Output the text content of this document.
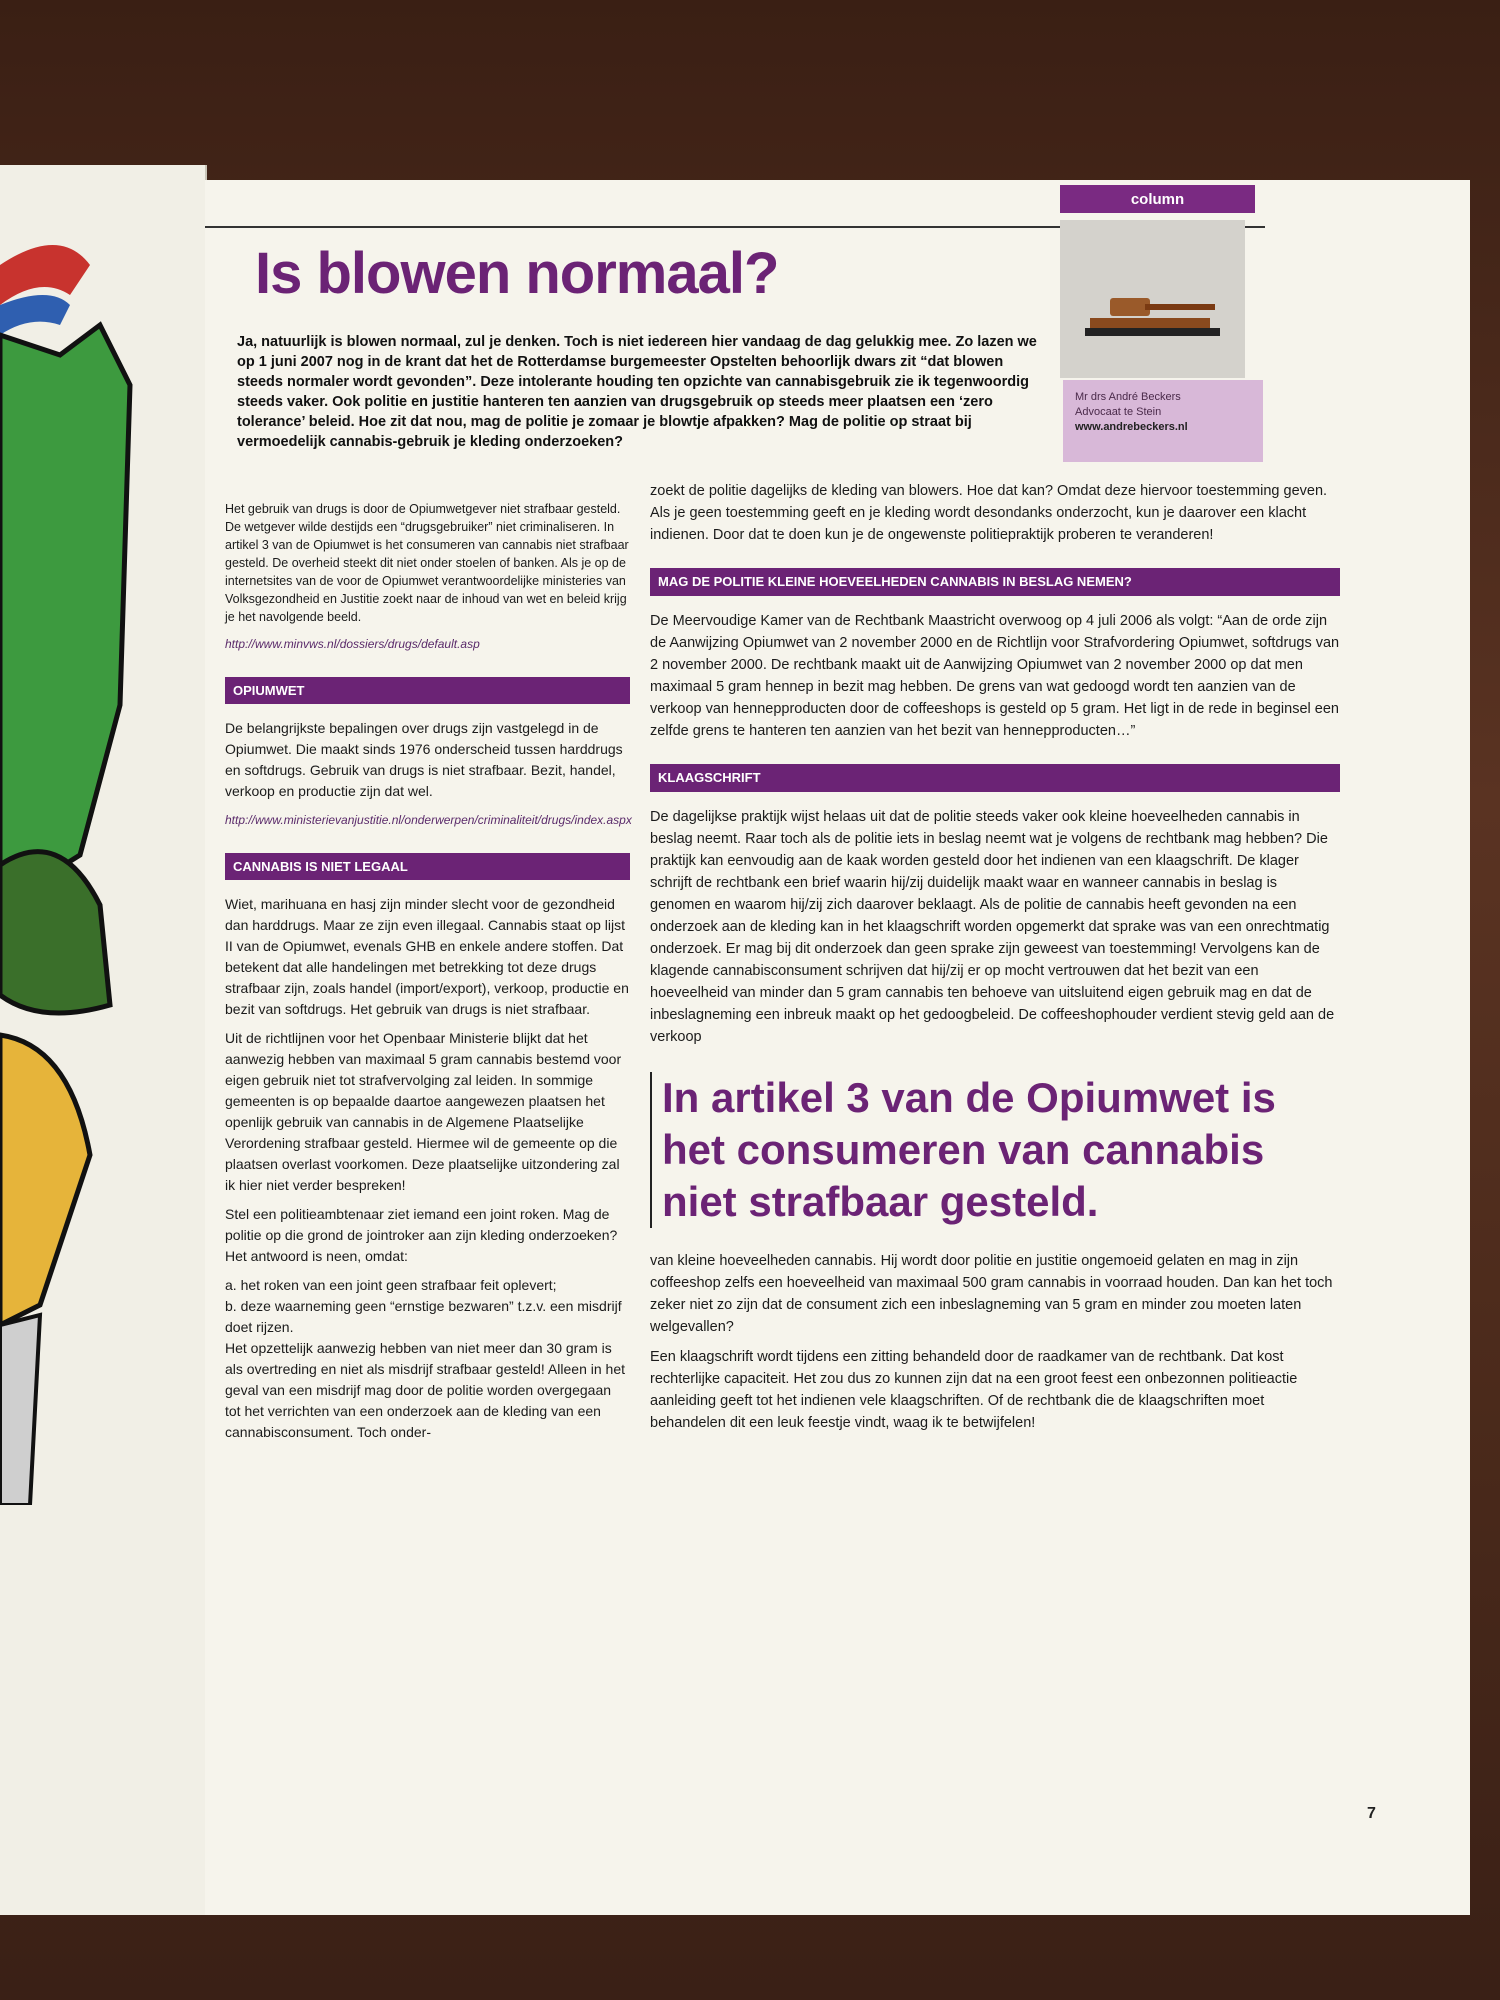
column
Mr drs André Beckers
Advocaat te Stein
www.andrebeckers.nl
Is blowen normaal?

Ja, natuurlijk is blowen normaal, zul je denken. Toch is niet iedereen hier vandaag de dag gelukkig mee. Zo lazen we op 1 juni 2007 nog in de krant dat het de Rotterdamse burgemeester Opstelten behoorlijk dwars zit “dat blowen steeds normaler wordt gevonden”. Deze intolerante houding ten opzichte van cannabisgebruik zie ik tegenwoordig steeds vaker. Ook politie en justitie hanteren ten aanzien van drugsgebruik op steeds meer plaatsen een ‘zero tolerance’ beleid. Hoe zit dat nou, mag de politie je zomaar je blowtje afpakken? Mag de politie op straat bij vermoedelijk cannabis-gebruik je kleding onderzoeken?

Het gebruik van drugs is door de Opiumwetgever niet strafbaar gesteld. De wetgever wilde destijds een “drugsgebruiker” niet criminaliseren. In artikel 3 van de Opiumwet is het consumeren van cannabis niet strafbaar gesteld. De overheid steekt dit niet onder stoelen of banken. Als je op de internetsites van de voor de Opiumwet verantwoordelijke ministeries van Volksgezondheid en Justitie zoekt naar de inhoud van wet en beleid krijg je het navolgende beeld.

http://www.minvws.nl/dossiers/drugs/default.asp

OPIUMWET

De belangrijkste bepalingen over drugs zijn vastgelegd in de Opiumwet. Die maakt sinds 1976 onderscheid tussen harddrugs en softdrugs. Gebruik van drugs is niet strafbaar. Bezit, handel, verkoop en productie zijn dat wel.

http://www.ministerievanjustitie.nl/onderwerpen/criminaliteit/drugs/index.aspx

CANNABIS IS NIET LEGAAL

Wiet, marihuana en hasj zijn minder slecht voor de gezondheid dan harddrugs. Maar ze zijn even illegaal. Cannabis staat op lijst II van de Opiumwet, evenals GHB en enkele andere stoffen. Dat betekent dat alle handelingen met betrekking tot deze drugs strafbaar zijn, zoals handel (import/export), verkoop, productie en bezit van softdrugs. Het gebruik van drugs is niet strafbaar.

Uit de richtlijnen voor het Openbaar Ministerie blijkt dat het aanwezig hebben van maximaal 5 gram cannabis bestemd voor eigen gebruik niet tot strafvervolging zal leiden. In sommige gemeenten is op bepaalde daartoe aangewezen plaatsen het openlijk gebruik van cannabis in de Algemene Plaatselijke Verordening strafbaar gesteld. Hiermee wil de gemeente op die plaatsen overlast voorkomen. Deze plaatselijke uitzondering zal ik hier niet verder bespreken!

Stel een politieambtenaar ziet iemand een joint roken. Mag de politie op die grond de jointroker aan zijn kleding onderzoeken? Het antwoord is neen, omdat:

a. het roken van een joint geen strafbaar feit oplevert;

b. deze waarneming geen “ernstige bezwaren” t.z.v. een misdrijf doet rijzen.

Het opzettelijk aanwezig hebben van niet meer dan 30 gram is als overtreding en niet als misdrijf strafbaar gesteld! Alleen in het geval van een misdrijf mag door de politie worden overgegaan tot het verrichten van een onderzoek aan de kleding van een cannabisconsument. Toch onder-

zoekt de politie dagelijks de kleding van blowers. Hoe dat kan? Omdat deze hiervoor toestemming geven. Als je geen toestemming geeft en je kleding wordt desondanks onderzocht, kun je daarover een klacht indienen. Door dat te doen kun je de ongewenste politiepraktijk proberen te veranderen!

MAG DE POLITIE KLEINE HOEVEELHEDEN CANNABIS IN BESLAG NEMEN?

De Meervoudige Kamer van de Rechtbank Maastricht overwoog op 4 juli 2006 als volgt: “Aan de orde zijn de Aanwijzing Opiumwet van 2 november 2000 en de Richtlijn voor Strafvordering Opiumwet, softdrugs van 2 november 2000. De rechtbank maakt uit de Aanwijzing Opiumwet van 2 november 2000 op dat men maximaal 5 gram hennep in bezit mag hebben. De grens van wat gedoogd wordt ten aanzien van de verkoop van hennepproducten door de coffeeshops is gesteld op 5 gram. Het ligt in de rede in beginsel een zelfde grens te hanteren ten aanzien van het bezit van hennepproducten…”

KLAAGSCHRIFT

De dagelijkse praktijk wijst helaas uit dat de politie steeds vaker ook kleine hoeveelheden cannabis in beslag neemt. Raar toch als de politie iets in beslag neemt wat je volgens de rechtbank mag hebben? Die praktijk kan eenvoudig aan de kaak worden gesteld door het indienen van een klaagschrift. De klager schrijft de rechtbank een brief waarin hij/zij duidelijk maakt waar en wanneer cannabis in beslag is genomen en waarom hij/zij zich daarover beklaagt. Als de politie de cannabis heeft gevonden na een onderzoek aan de kleding kan in het klaagschrift worden opgemerkt dat sprake was van een onrechtmatig onderzoek. Er mag bij dit onderzoek dan geen sprake zijn geweest van toestemming! Vervolgens kan de klagende cannabisconsument schrijven dat hij/zij er op mocht vertrouwen dat het bezit van een hoeveelheid van minder dan 5 gram cannabis ten behoeve van uitsluitend eigen gebruik mag en dat de inbeslagneming een inbreuk maakt op het gedoogbeleid. De coffeeshophouder verdient stevig geld aan de verkoop

In artikel 3 van de Opiumwet is het consumeren van cannabis niet strafbaar gesteld.

van kleine hoeveelheden cannabis. Hij wordt door politie en justitie ongemoeid gelaten en mag in zijn coffeeshop zelfs een hoeveelheid van maximaal 500 gram cannabis in voorraad houden. Dan kan het toch zeker niet zo zijn dat de consument zich een inbeslagneming van 5 gram en minder zou moeten laten welgevallen?

Een klaagschrift wordt tijdens een zitting behandeld door de raadkamer van de rechtbank. Dat kost rechterlijke capaciteit. Het zou dus zo kunnen zijn dat na een groot feest een onbezonnen politieactie aanleiding geeft tot het indienen vele klaagschriften. Of de rechtbank die de klaagschriften moet behandelen dit een leuk feestje vindt, waag ik te betwijfelen!

7
